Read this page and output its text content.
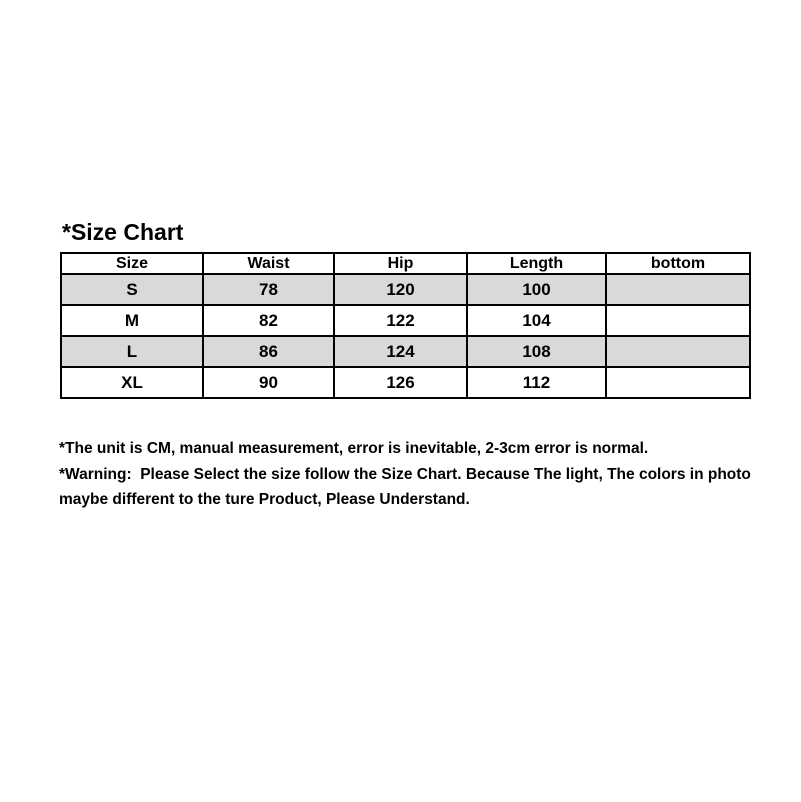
*Size Chart
Size	Waist	Hip	Length	bottom
S	78	120	100	
M	82	122	104	
L	86	124	108	
XL	90	126	112	

*The unit is CM, manual measurement, error is inevitable, 2-3cm error is normal.

*Warning:  Please Select the size follow the Size Chart. Because The light, The colors in photo maybe different to the ture Product, Please Understand.
